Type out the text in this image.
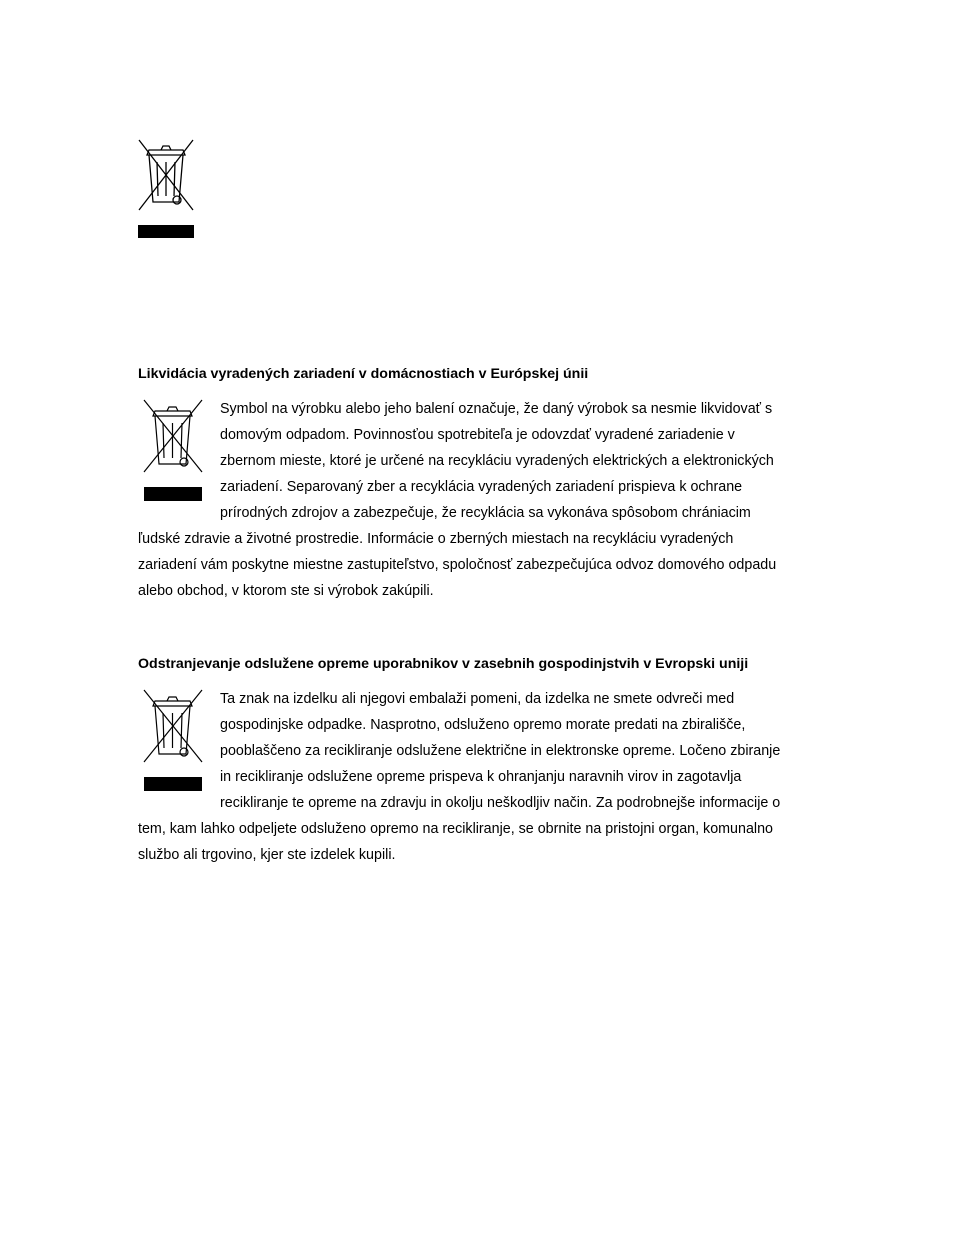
Likvidácia vyradených zariadení v domácnostiach v Európskej únii

Symbol na výrobku alebo jeho balení označuje, že daný výrobok sa nesmie likvidovať s domovým odpadom. Povinnosťou spotrebiteľa je odovzdať vyradené zariadenie v zbernom mieste, ktoré je určené na recykláciu vyradených elektrických a elektronických zariadení. Separovaný zber a recyklácia vyradených zariadení prispieva k ochrane prírodných zdrojov a zabezpečuje, že recyklácia sa vykonáva spôsobom chrániacim ľudské zdravie a životné prostredie. Informácie o zberných miestach na recykláciu vyradených zariadení vám poskytne miestne zastupiteľstvo, spoločnosť zabezpečujúca odvoz domového odpadu alebo obchod, v ktorom ste si výrobok zakúpili.

Odstranjevanje odslužene opreme uporabnikov v zasebnih gospodinjstvih v Evropski uniji

Ta znak na izdelku ali njegovi embalaži pomeni, da izdelka ne smete odvreči med gospodinjske odpadke. Nasprotno, odsluženo opremo morate predati na zbirališče, pooblaščeno za recikliranje odslužene električne in elektronske opreme. Ločeno zbiranje in recikliranje odslužene opreme prispeva k ohranjanju naravnih virov in zagotavlja recikliranje te opreme na zdravju in okolju neškodljiv način. Za podrobnejše informacije o tem, kam lahko odpeljete odsluženo opremo na recikliranje, se obrnite na pristojni organ, komunalno službo ali trgovino, kjer ste izdelek kupili.
